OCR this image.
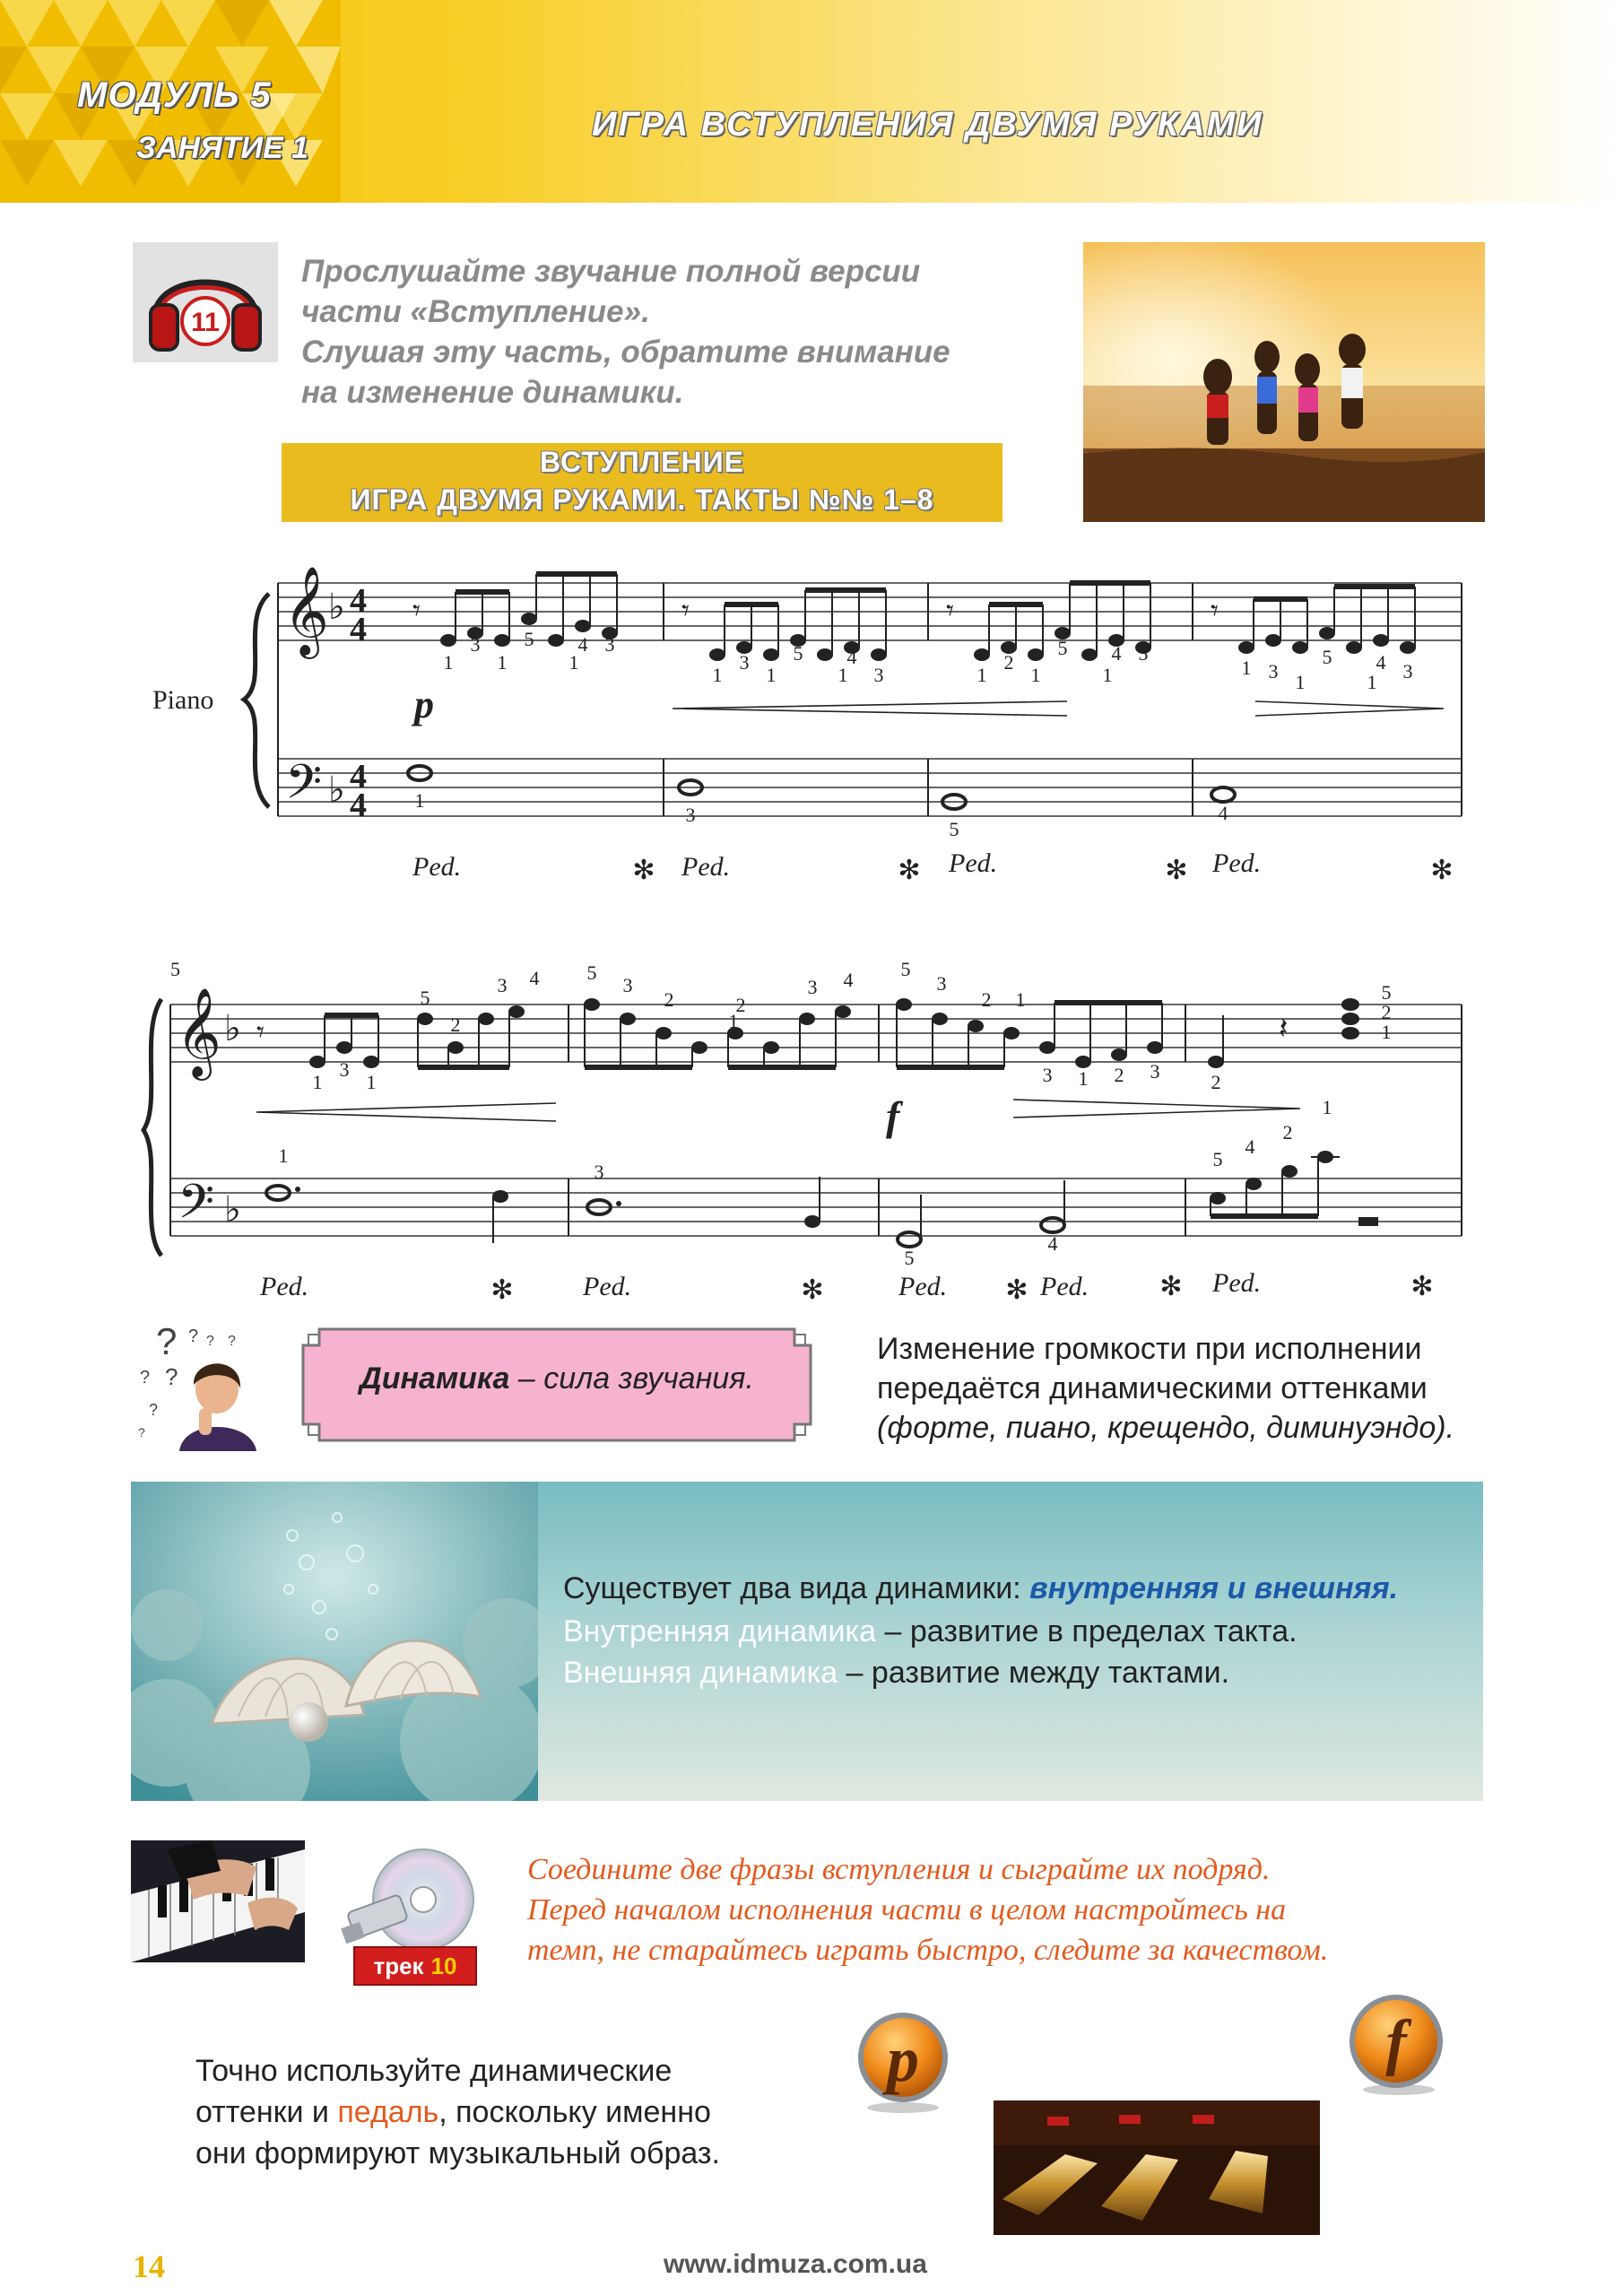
МОДУЛЬ 5
ЗАНЯТИЕ 1
ИГРА ВСТУПЛЕНИЯ ДВУМЯ РУКАМИ
11
Прослушайте звучание полной версии
части «Вступление».
Слушая эту часть, обратите внимание
на изменение динамики.
ВСТУПЛЕНИЕ
ИГРА ДВУМЯ РУКАМИ. ТАКТЫ №№ 1–8
Piano
𝄞
𝄢
♭
♭
4
4
4
4
𝄾	𝄾	𝄾	𝄾
1
3
1
5
1
4 3
1
3
1
5
1
4
3	1
2
1
5
1
4 3
1 3 1
5
1
4 3
p
1
3
5
4
Ped.	Ped.	Ped.	Ped.
✻	✻	✻	✻
5
𝄞
𝄢
♭
♭
𝄾	𝄽
1
3
1
5
2
3 4 5
3
2	2
1
3 4 5
3
2 1
3 1 2 3	2
5
2
1
f
1
3
5
4
5
4
2
1
Ped.	Ped.	Ped.	Ped.	Ped.
✻	✻	✻	✻	✻
? ? ? ?
? ?
?
?
Динамика – сила звучания.
Изменение громкости при исполнении
передаётся динамическими оттенками
(форте, пиано, крещендо, диминуэндо).
Существует два вида динамики: внутренняя и внешняя.
Внутренняя динамика – развитие в пределах такта.
Внешняя динамика – развитие между тактами.
трек 10
Соедините две фразы вступления и сыграйте их подряд.
Перед началом исполнения части в целом настройтесь на
темп, не старайтесь играть быстро, следите за качеством.
Точно используйте динамические
оттенки и педаль, поскольку именно
они формируют музыкальный образ.
p	f
14	www.idmuza.com.ua
